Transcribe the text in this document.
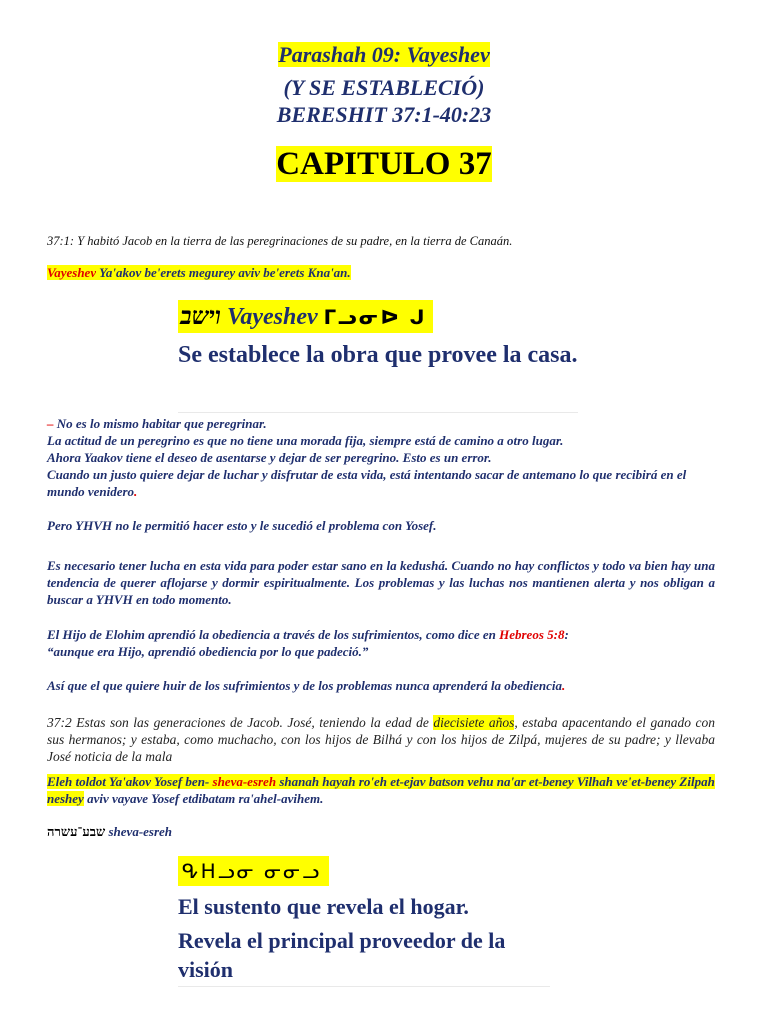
Parashah 09: Vayeshev
(Y SE ESTABLECIÓ)
BERESHIT 37:1-40:23
CAPITULO 37
37:1: Y habitó Jacob en la tierra de las peregrinaciones de su padre, en la tierra de Canaán.
Vayeshev Ya'akov be'erets megurey aviv be'erets Kna'an.
וישב Vayeshev ᒥᓗᓂᐅ ᒍ
Se establece la obra que provee la casa.
– No es lo mismo habitar que peregrinar.
La actitud de un peregrino es que no tiene una morada fija, siempre está de camino a otro lugar.
Ahora Yaakov tiene el deseo de asentarse y dejar de ser peregrino. Esto es un error.
Cuando un justo quiere dejar de luchar y disfrutar de esta vida, está intentando sacar de antemano lo que recibirá en el mundo venidero.
Pero YHVH no le permitió hacer esto y le sucedió el problema con Yosef.
Es necesario tener lucha en esta vida para poder estar sano en la kedushá. Cuando no hay conflictos y todo va bien hay una tendencia de querer aflojarse y dormir espiritualmente. Los problemas y las luchas nos mantienen alerta y nos obligan a buscar a YHVH en todo momento.
El Hijo de Elohim aprendió la obediencia a través de los sufrimientos, como dice en Hebreos 5:8:
“aunque era Hijo, aprendió obediencia por lo que padeció.”
Así que el que quiere huir de los sufrimientos y de los problemas nunca aprenderá la obediencia.
37:2 Estas son las generaciones de Jacob. José, teniendo la edad de diecisiete años, estaba apacentando el ganado con sus hermanos; y estaba, como muchacho, con los hijos de Bilhá y con los hijos de Zilpá, mujeres de su padre; y llevaba José noticia de la mala
Eleh toldot Ya'akov Yosef ben- sheva-esreh shanah hayah ro'eh et-ejav batson vehu na'ar et-beney Vilhah ve'et-beney Zilpah neshey aviv vayave Yosef etdibatam ra'ahel-avihem.
שבע־עשרה sheva-esreh
ᕴᕼᓗᓂ ᓂᓂᓗ
El sustento que revela el hogar.
Revela el principal proveedor de la visión
